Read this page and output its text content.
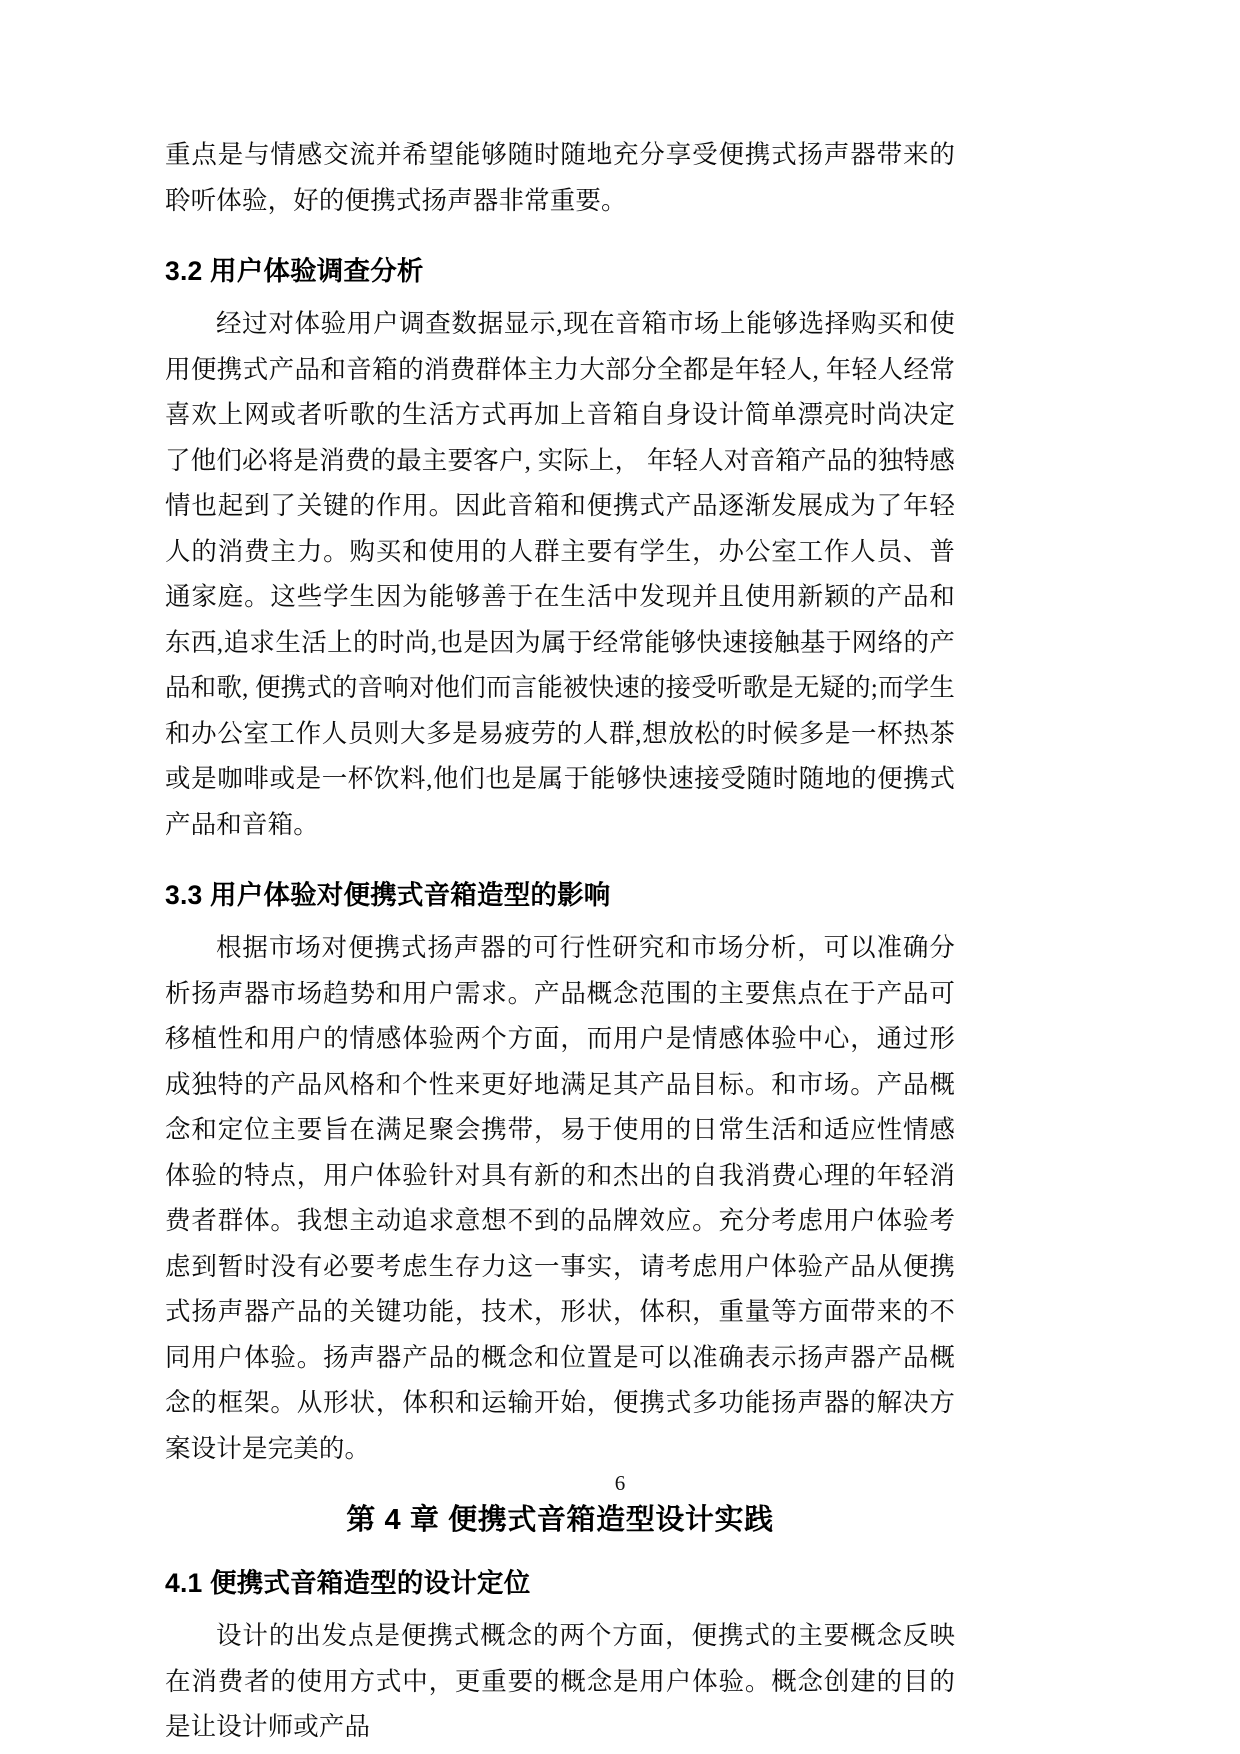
重点是与情感交流并希望能够随时随地充分享受便携式扬声器带来的聆听体验，好的便携式扬声器非常重要。

3.2 用户体验调查分析

经过对体验用户调查数据显示,现在音箱市场上能够选择购买和使用便携式产品和音箱的消费群体主力大部分全都是年轻人, 年轻人经常喜欢上网或者听歌的生活方式再加上音箱自身设计简单漂亮时尚决定了他们必将是消费的最主要客户, 实际上， 年轻人对音箱产品的独特感情也起到了关键的作用。因此音箱和便携式产品逐渐发展成为了年轻人的消费主力。购买和使用的人群主要有学生，办公室工作人员、普通家庭。这些学生因为能够善于在生活中发现并且使用新颖的产品和东西,追求生活上的时尚,也是因为属于经常能够快速接触基于网络的产品和歌, 便携式的音响对他们而言能被快速的接受听歌是无疑的;而学生和办公室工作人员则大多是易疲劳的人群,想放松的时候多是一杯热茶或是咖啡或是一杯饮料,他们也是属于能够快速接受随时随地的便携式产品和音箱。

3.3 用户体验对便携式音箱造型的影响

根据市场对便携式扬声器的可行性研究和市场分析，可以准确分析扬声器市场趋势和用户需求。产品概念范围的主要焦点在于产品可移植性和用户的情感体验两个方面，而用户是情感体验中心，通过形成独特的产品风格和个性来更好地满足其产品目标。和市场。产品概念和定位主要旨在满足聚会携带，易于使用的日常生活和适应性情感体验的特点，用户体验针对具有新的和杰出的自我消费心理的年轻消费者群体。我想主动追求意想不到的品牌效应。充分考虑用户体验考虑到暂时没有必要考虑生存力这一事实，请考虑用户体验产品从便携式扬声器产品的关键功能，技术，形状，体积，重量等方面带来的不同用户体验。扬声器产品的概念和位置是可以准确表示扬声器产品概念的框架。从形状，体积和运输开始，便携式多功能扬声器的解决方案设计是完美的。

第 4 章 便携式音箱造型设计实践
4.1 便携式音箱造型的设计定位

设计的出发点是便携式概念的两个方面，便携式的主要概念反映在消费者的使用方式中，更重要的概念是用户体验。概念创建的目的是让设计师或产品

6
